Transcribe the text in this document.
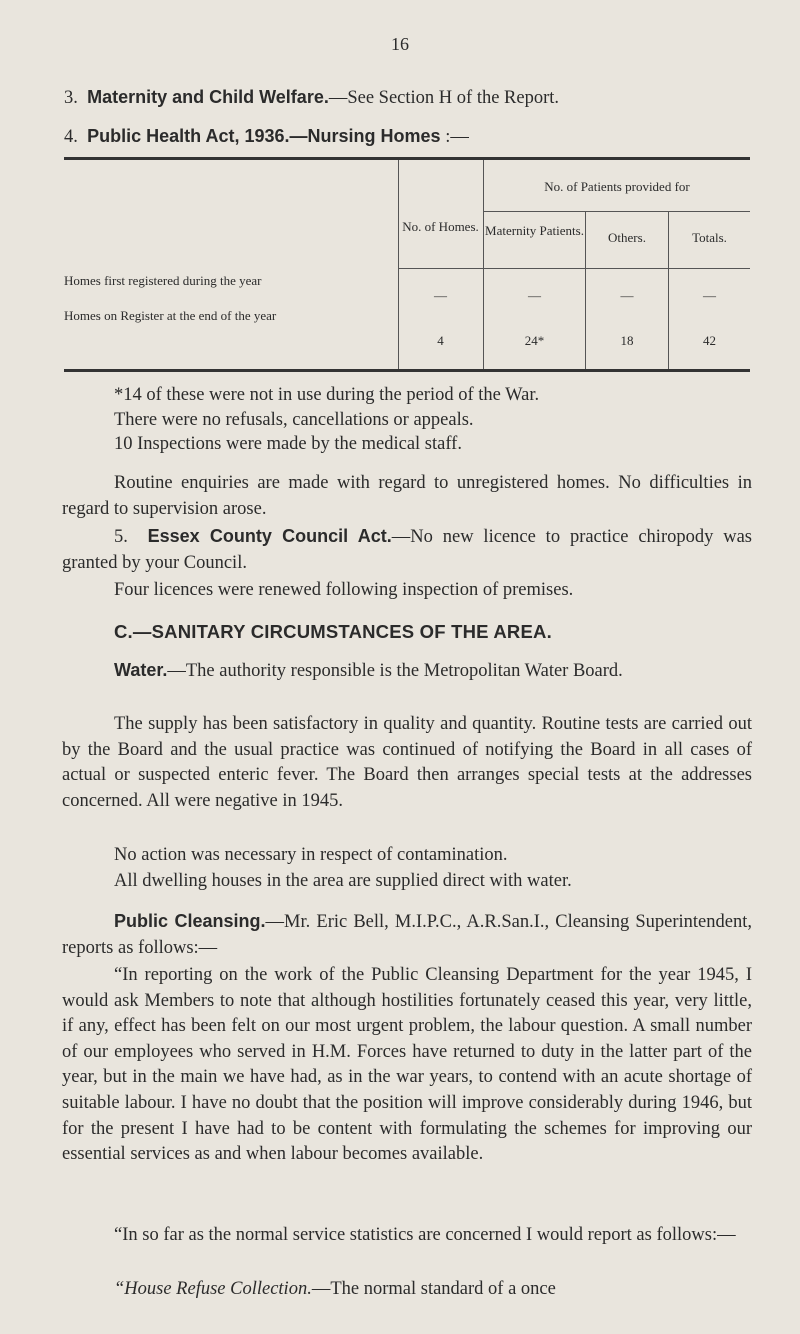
16
3. Maternity and Child Welfare.—See Section H of the Report.
4. Public Health Act, 1936.—Nursing Homes :—
No. of Homes.
No. of Patients provided for
Maternity Patients.	Others.	Totals.
Homes first registered during the year
—	—	—	—
Homes on Register at the end of the year
4	24*	18	42
*14 of these were not in use during the period of the War.
There were no refusals, cancellations or appeals.
10 Inspections were made by the medical staff.
Routine enquiries are made with regard to unregistered homes. No difficulties in regard to supervision arose.
5. Essex County Council Act.—No new licence to practice chiropody was granted by your Council.
Four licences were renewed following inspection of premises.
C.—SANITARY CIRCUMSTANCES OF THE AREA.
Water.—The authority responsible is the Metropolitan Water Board.
The supply has been satisfactory in quality and quantity. Routine tests are carried out by the Board and the usual practice was continued of notifying the Board in all cases of actual or suspected enteric fever. The Board then arranges special tests at the addresses concerned. All were negative in 1945.
No action was necessary in respect of contamination.
All dwelling houses in the area are supplied direct with water.
Public Cleansing.—Mr. Eric Bell, M.I.P.C., A.R.San.I., Cleansing Superintendent, reports as follows:—
“In reporting on the work of the Public Cleansing Department for the year 1945, I would ask Members to note that although hostilities fortunately ceased this year, very little, if any, effect has been felt on our most urgent problem, the labour question. A small number of our employees who served in H.M. Forces have returned to duty in the latter part of the year, but in the main we have had, as in the war years, to contend with an acute shortage of suitable labour. I have no doubt that the position will improve considerably during 1946, but for the present I have had to be content with formulating the schemes for improving our essential services as and when labour becomes available.
“In so far as the normal service statistics are concerned I would report as follows:—
“House Refuse Collection.—The normal standard of a once
